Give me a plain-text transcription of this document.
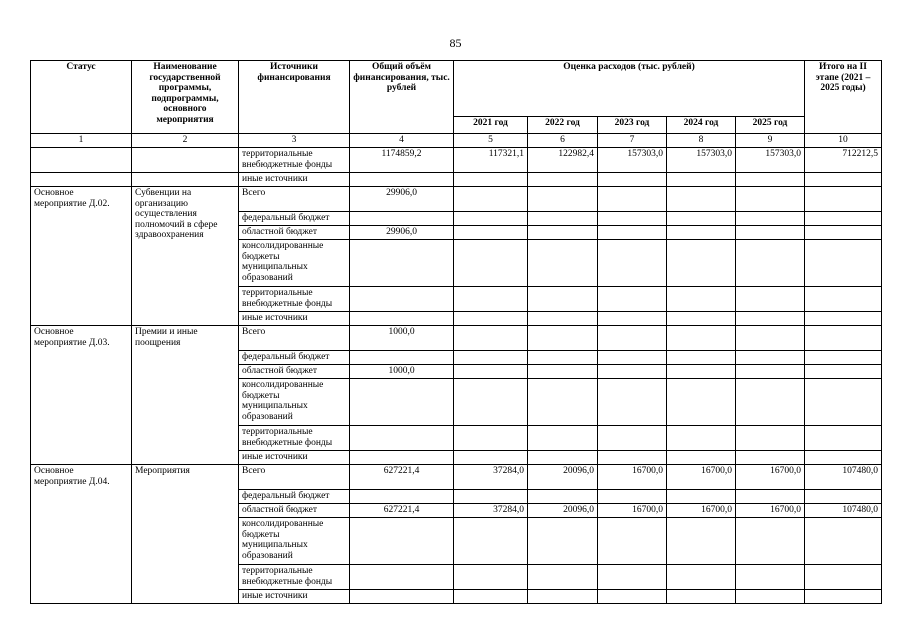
85
Статус	Наименование государственной программы, подпрограммы, основного мероприятия	Источники финансирования	Общий объём финансирования, тыс. рублей	Оценка расходов (тыс. рублей)					Итого на II этапе (2021 – 2025 годы)
				2021 год	2022 год	2023 год	2024 год	2025 год	
1	2	3	4	5	6	7	8	9	10
		территориальные внебюджетные фонды	1174859,2	117321,1	122982,4	157303,0	157303,0	157303,0	712212,5
		иные источники							
Основное мероприятие Д.02.	Субвенции на организацию осуществления полномочий в сфере здравоохранения	Всего	29906,0						
		федеральный бюджет							
		областной бюджет	29906,0						
		консолидированные бюджеты муниципальных образований							
		территориальные внебюджетные фонды							
		иные источники							
Основное мероприятие Д.03.	Премии и иные поощрения	Всего	1000,0						
		федеральный бюджет							
		областной бюджет	1000,0						
		консолидированные бюджеты муниципальных образований							
		территориальные внебюджетные фонды							
		иные источники							
Основное мероприятие Д.04.	Мероприятия	Всего	627221,4	37284,0	20096,0	16700,0	16700,0	16700,0	107480,0
		федеральный бюджет							
		областной бюджет	627221,4	37284,0	20096,0	16700,0	16700,0	16700,0	107480,0
		консолидированные бюджеты муниципальных образований							
		территориальные внебюджетные фонды							
		иные источники							
